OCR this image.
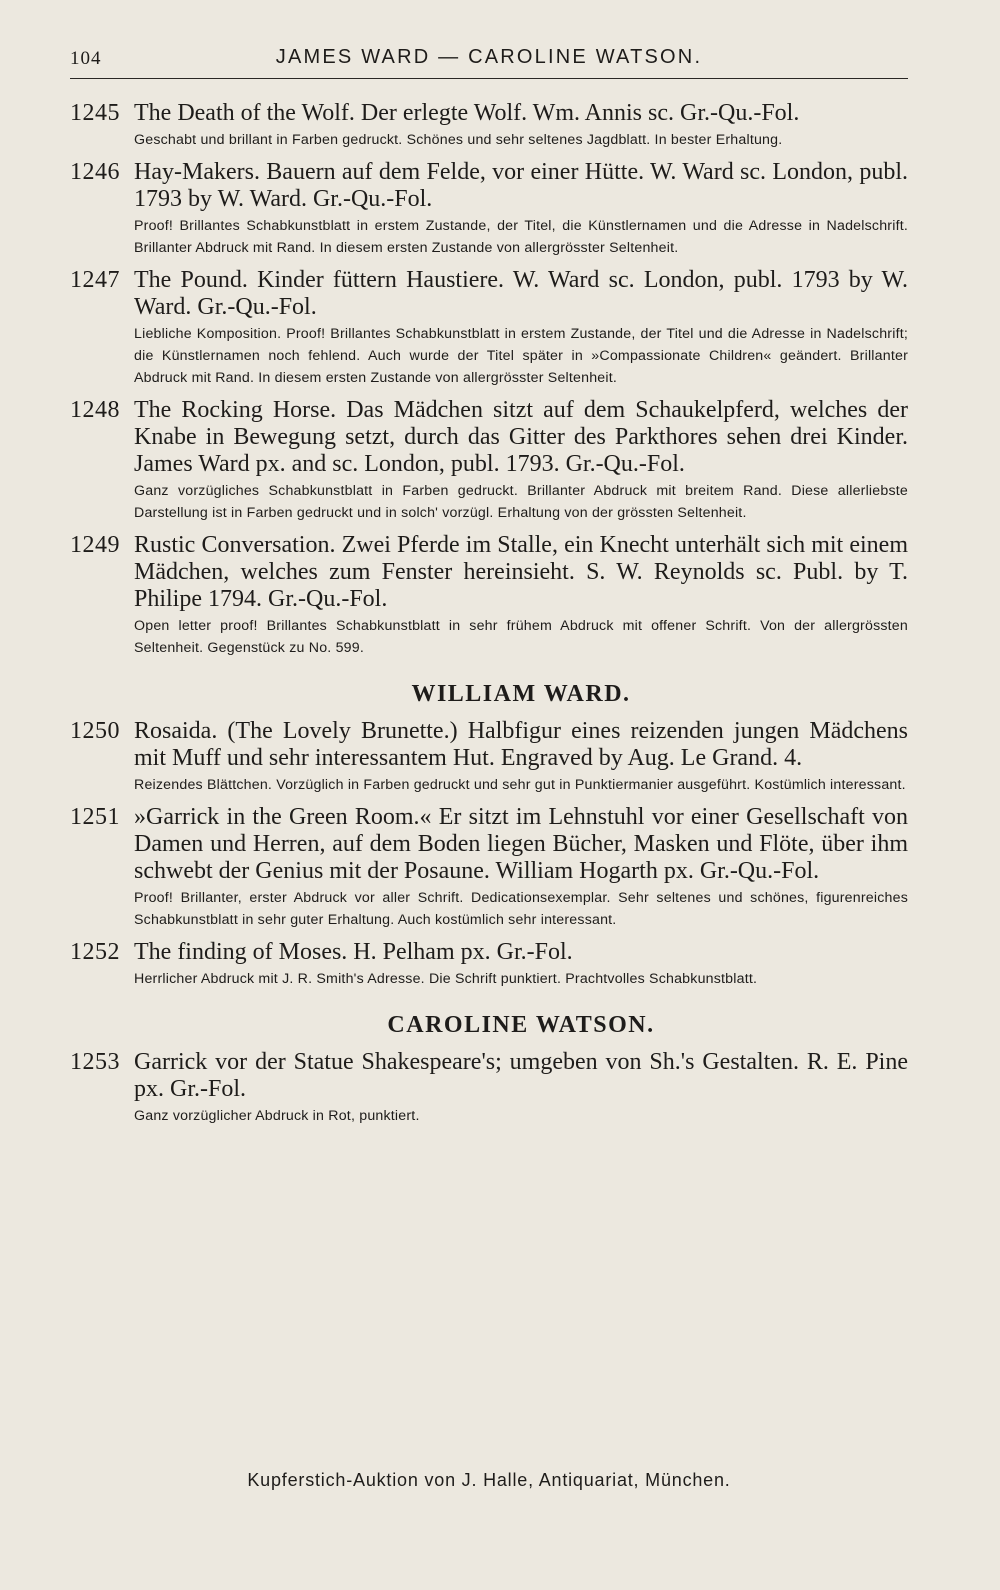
104	JAMES WARD — CAROLINE WATSON.
1245 The Death of the Wolf. Der erlegte Wolf. Wm. Annis sc. Gr.-Qu.-Fol.
Geschabt und brillant in Farben gedruckt. Schönes und sehr seltenes Jagdblatt. In bester Erhaltung.
1246 Hay-Makers. Bauern auf dem Felde, vor einer Hütte. W. Ward sc. London, publ. 1793 by W. Ward. Gr.-Qu.-Fol.
Proof! Brillantes Schabkunstblatt in erstem Zustande, der Titel, die Künstlernamen und die Adresse in Nadelschrift. Brillanter Abdruck mit Rand. In diesem ersten Zustande von allergrösster Seltenheit.
1247 The Pound. Kinder füttern Haustiere. W. Ward sc. London, publ. 1793 by W. Ward. Gr.-Qu.-Fol.
Liebliche Komposition. Proof! Brillantes Schabkunstblatt in erstem Zustande, der Titel und die Adresse in Nadelschrift; die Künstlernamen noch fehlend. Auch wurde der Titel später in »Compassionate Children« geändert. Brillanter Abdruck mit Rand. In diesem ersten Zustande von allergrösster Seltenheit.
1248 The Rocking Horse. Das Mädchen sitzt auf dem Schaukelpferd, welches der Knabe in Bewegung setzt, durch das Gitter des Parkthores sehen drei Kinder. James Ward px. and sc. London, publ. 1793. Gr.-Qu.-Fol.
Ganz vorzügliches Schabkunstblatt in Farben gedruckt. Brillanter Abdruck mit breitem Rand. Diese allerliebste Darstellung ist in Farben gedruckt und in solch' vorzügl. Erhaltung von der grössten Seltenheit.
1249 Rustic Conversation. Zwei Pferde im Stalle, ein Knecht unterhält sich mit einem Mädchen, welches zum Fenster hereinsieht. S. W. Reynolds sc. Publ. by T. Philipe 1794. Gr.-Qu.-Fol.
Open letter proof! Brillantes Schabkunstblatt in sehr frühem Abdruck mit offener Schrift. Von der allergrössten Seltenheit. Gegenstück zu No. 599.
WILLIAM WARD.
1250 Rosaida. (The Lovely Brunette.) Halbfigur eines reizenden jungen Mädchens mit Muff und sehr interessantem Hut. Engraved by Aug. Le Grand. 4.
Reizendes Blättchen. Vorzüglich in Farben gedruckt und sehr gut in Punktiermanier ausgeführt. Kostümlich interessant.
1251 »Garrick in the Green Room.« Er sitzt im Lehnstuhl vor einer Gesellschaft von Damen und Herren, auf dem Boden liegen Bücher, Masken und Flöte, über ihm schwebt der Genius mit der Posaune. William Hogarth px. Gr.-Qu.-Fol.
Proof! Brillanter, erster Abdruck vor aller Schrift. Dedicationsexemplar. Sehr seltenes und schönes, figurenreiches Schabkunstblatt in sehr guter Erhaltung. Auch kostümlich sehr interessant.
1252 The finding of Moses. H. Pelham px. Gr.-Fol.
Herrlicher Abdruck mit J. R. Smith's Adresse. Die Schrift punktiert. Prachtvolles Schabkunstblatt.
CAROLINE WATSON.
1253 Garrick vor der Statue Shakespeare's; umgeben von Sh.'s Gestalten. R. E. Pine px. Gr.-Fol.
Ganz vorzüglicher Abdruck in Rot, punktiert.
Kupferstich-Auktion von J. Halle, Antiquariat, München.
